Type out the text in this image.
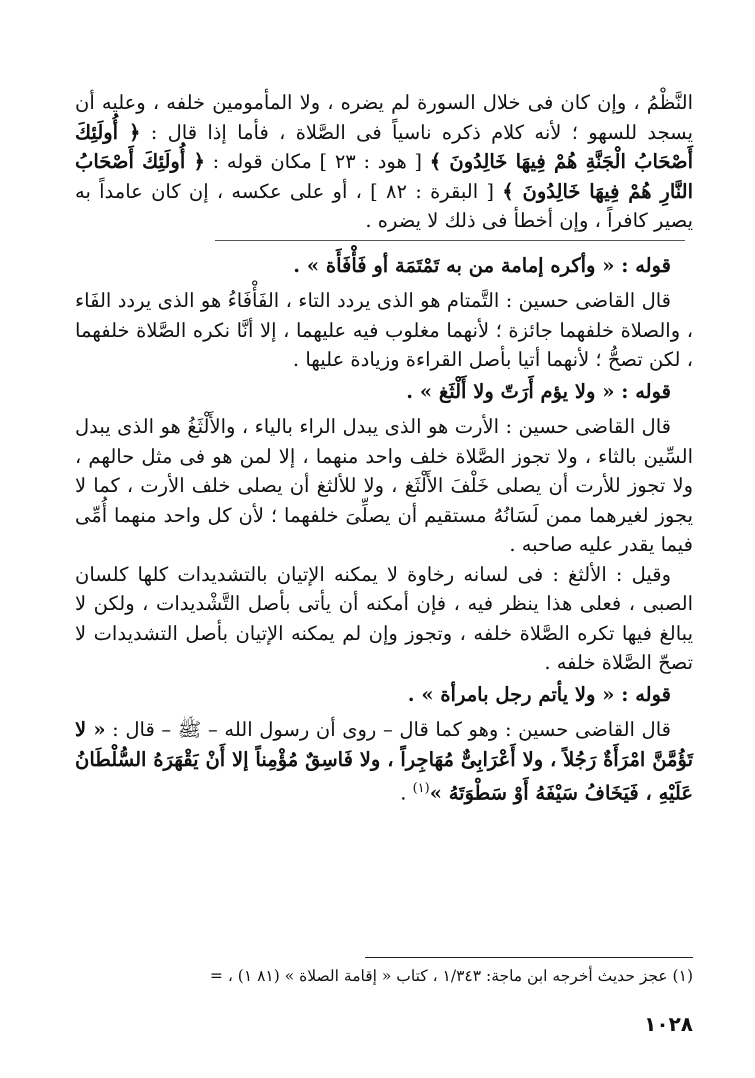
النَّظْمُ ، وإن كان فى خلال السورة لم يضره ، ولا المأمومين خلفه ، وعليه أن يسجد للسهو ؛ لأنه كلام ذكره ناسياً فى الصَّلاة ، فأما إذا قال : ﴿ أُولَئِكَ أَصْحَابُ الْجَنَّةِ هُمْ فِيهَا خَالِدُونَ ﴾ [ هود : ٢٣ ] مكان قوله : ﴿ أُولَئِكَ أَصْحَابُ النَّارِ هُمْ فِيهَا خَالِدُونَ ﴾ [ البقرة : ٨٢ ] ، أو على عكسه ، إن كان عامداً به يصير كافراً ، وإن أخطأ فى ذلك لا يضره .

قوله : « وأكره إمامة من به تَمْتَمَة أو فَأْفَأَة » .

قال القاضى حسين : التَّمتام هو الذى يردد التاء ، الفَأْفَاءُ هو الذى يردد الفَاء ، والصلاة خلفهما جائزة ؛ لأنهما مغلوب فيه عليهما ، إلا أنَّا نكره الصَّلاة خلفهما ، لكن تصحُّ ؛ لأنهما أتيا بأصل القراءة وزيادة عليها .

قوله : « ولا يؤم أَرَتّ ولا أَلْثَغ » .

قال القاضى حسين : الأرت هو الذى يبدل الراء بالياء ، والأَلْثَغُ هو الذى يبدل السِّين بالثاء ، ولا تجوز الصَّلاة خلف واحد منهما ، إلا لمن هو فى مثل حالهم ، ولا تجوز للأرت أن يصلى خَلْفَ الأَلْثَغ ، ولا للألثغ أن يصلى خلف الأرت ، كما لا يجوز لغيرهما ممن لَسَانُهُ مستقيم أن يصلِّىَ خلفهما ؛ لأن كل واحد منهما أُمِّى فيما يقدر عليه صاحبه .

وقيل : الألثغ : فى لسانه رخاوة لا يمكنه الإتيان بالتشديدات كلها كلسان الصبى ، فعلى هذا ينظر فيه ، فإن أمكنه أن يأتى بأصل التَّشْديدات ، ولكن لا يبالغ فيها تكره الصَّلاة خلفه ، وتجوز وإن لم يمكنه الإتيان بأصل التشديدات لا تصحّ الصَّلاة خلفه .

قوله : « ولا يأتم رجل بامرأة » .

قال القاضى حسين : وهو كما قال – روى أن رسول الله – ﷺ – قال : « لا تَؤُمَّنَّ امْرَأَةٌ رَجُلاً ، ولا أَعْرَابِىٌّ مُهَاجِراً ، ولا فَاسِقٌ مُؤْمِناً إلا أَنْ يَقْهَرَهُ السُّلْطَانُ عَلَيْهِ ، فَيَخَافُ سَيْفَهُ أَوْ سَطْوَتَهُ »$^{(١)}$ .

(١) عجز حديث أخرجه ابن ماجة: ١/٣٤٣ ، كتاب « إقامة الصلاة » (٨١ ١) ، =
١٠٢٨
